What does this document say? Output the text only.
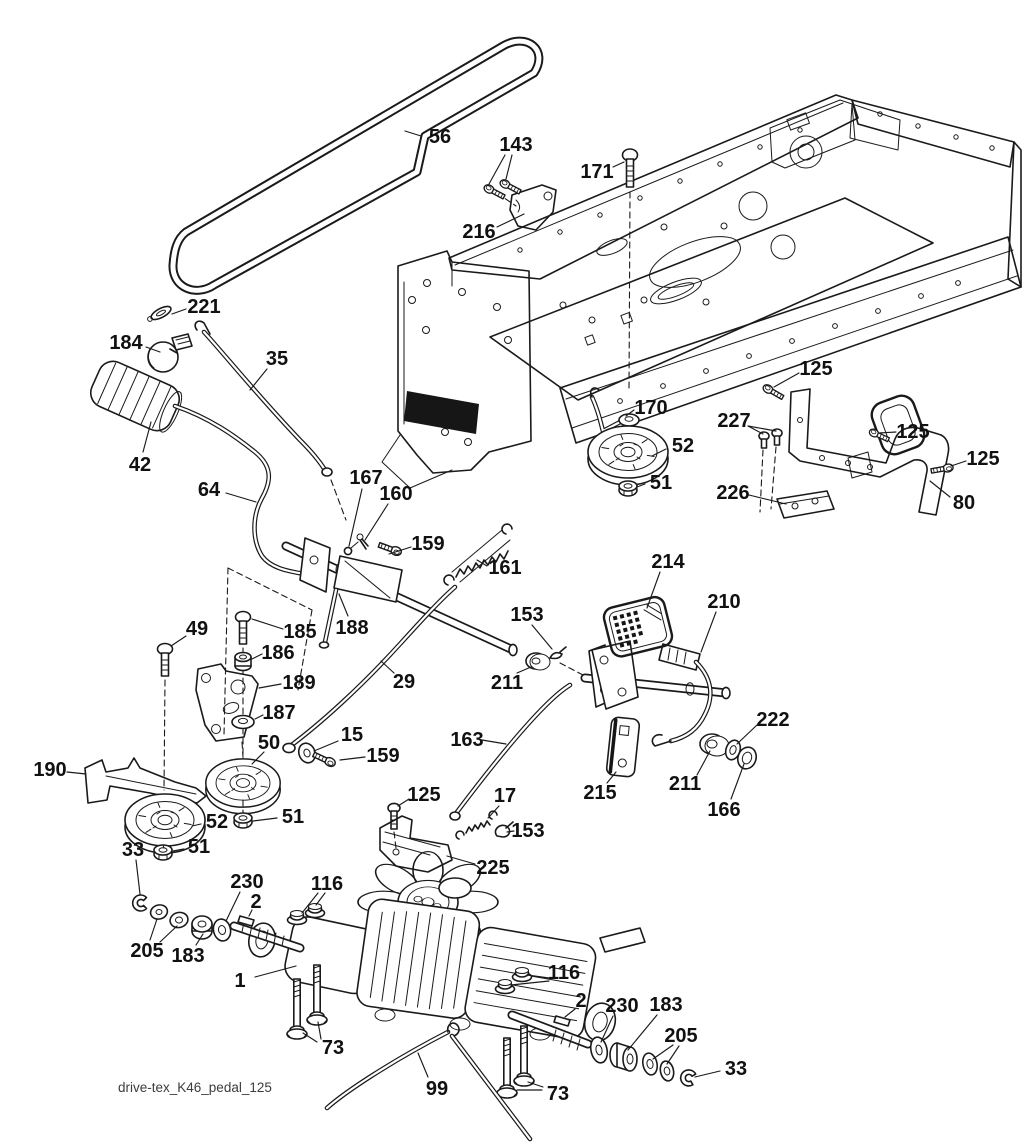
56 143
216
171
221
184
35
42
64
167
160
159
161
188
185
186
189
187
49
50	15
159
29
163
153
211
214
210
222
215	211
166
125	17
153
225
227
226
125
125
125
80
190
52
51
170
52	51
51
33
230
2
116
205 183
1
73
99
116
2 230 183
205
33
73
drive-tex_K46_pedal_125
